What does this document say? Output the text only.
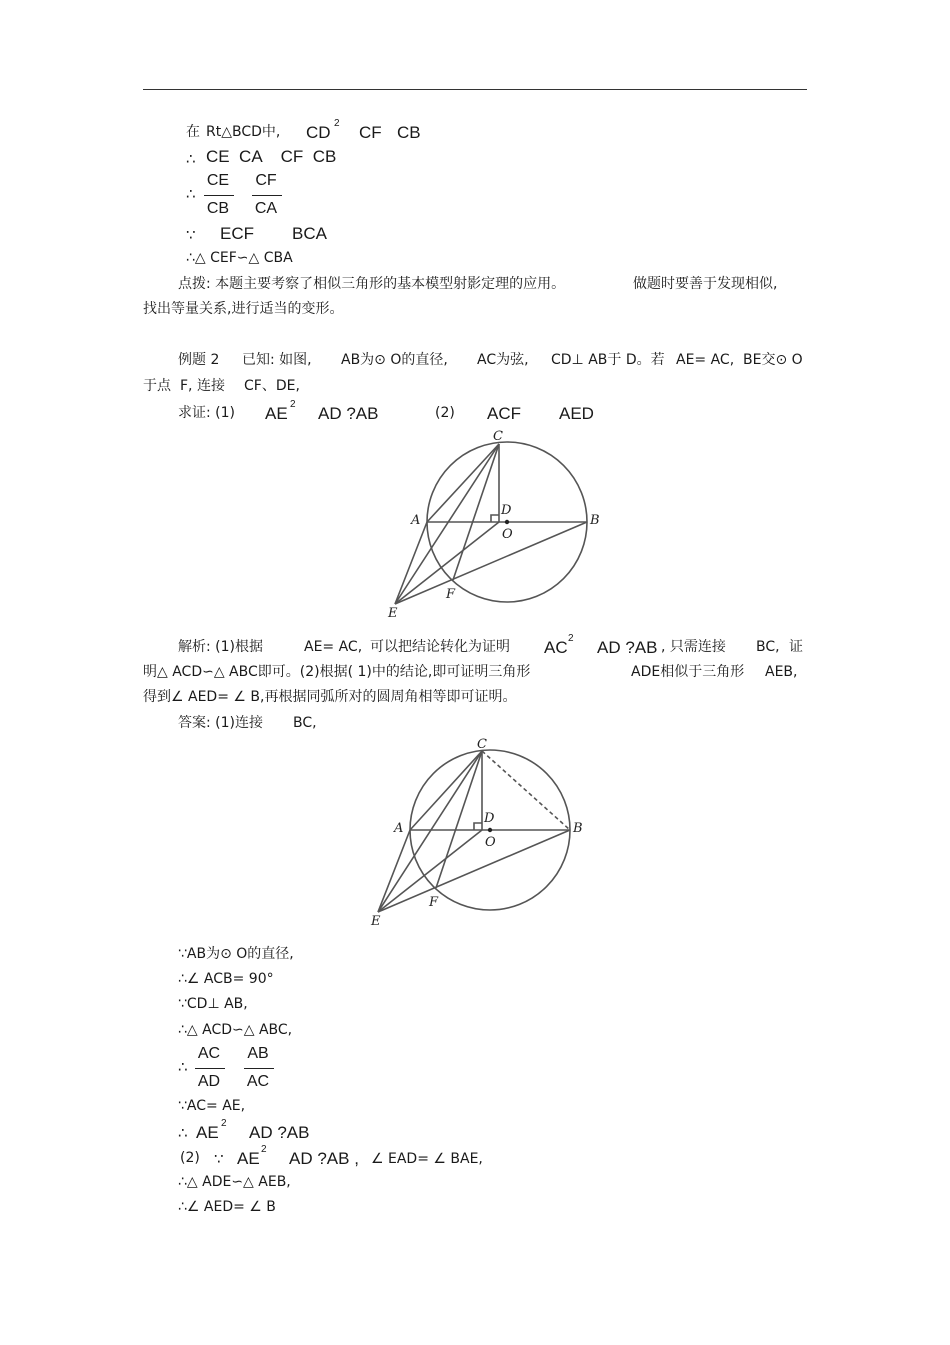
在 Rt△BCD中, CD 2 CF CB
∴ CE  CA    CF  CB
∴
CE
CB
CF
CA
∵ ECF BCA
∴△ CEF∽△ CBA
点拨: 本题主要考察了相似三角形的基本模型射影定理的应用。	做题时要善于发现相似,
找出等量关系,进行适当的变形。
例题 2 已知: 如图, AB为⊙ O的直径, AC为弦, CD⊥ AB于 D。若 AE= AC, BE交⊙ O
于点 F, 连接 CF、DE,
求证: (1) AE 2 AD ?AB	(2) ACF AED
C
A	B
D
O
E
F
C
A	B
D
O
E
F
解析: (1)根据	AE= AC, 可以把结论转化为证明 AC 2 AD ?AB , 只需连接 BC, 证
明△ ACD∽△ ABC即可。(2)根据( 1)中的结论,即可证明三角形	ADE相似于三角形 AEB,
得到∠ AED= ∠ B,再根据同弧所对的圆周角相等即可证明。
答案: (1)连接 BC,
∵AB为⊙ O的直径,
∴∠ ACB= 90°
∵CD⊥ AB,
∴△ ACD∽△ ABC,
∴
AC
AD
AB
AC
∵AC= AE,
∴ AE 2 AD ?AB
(2) ∵ AE 2 AD ?AB , ∠ EAD= ∠ BAE,
∴△ ADE∽△ AEB,
∴∠ AED= ∠ B
